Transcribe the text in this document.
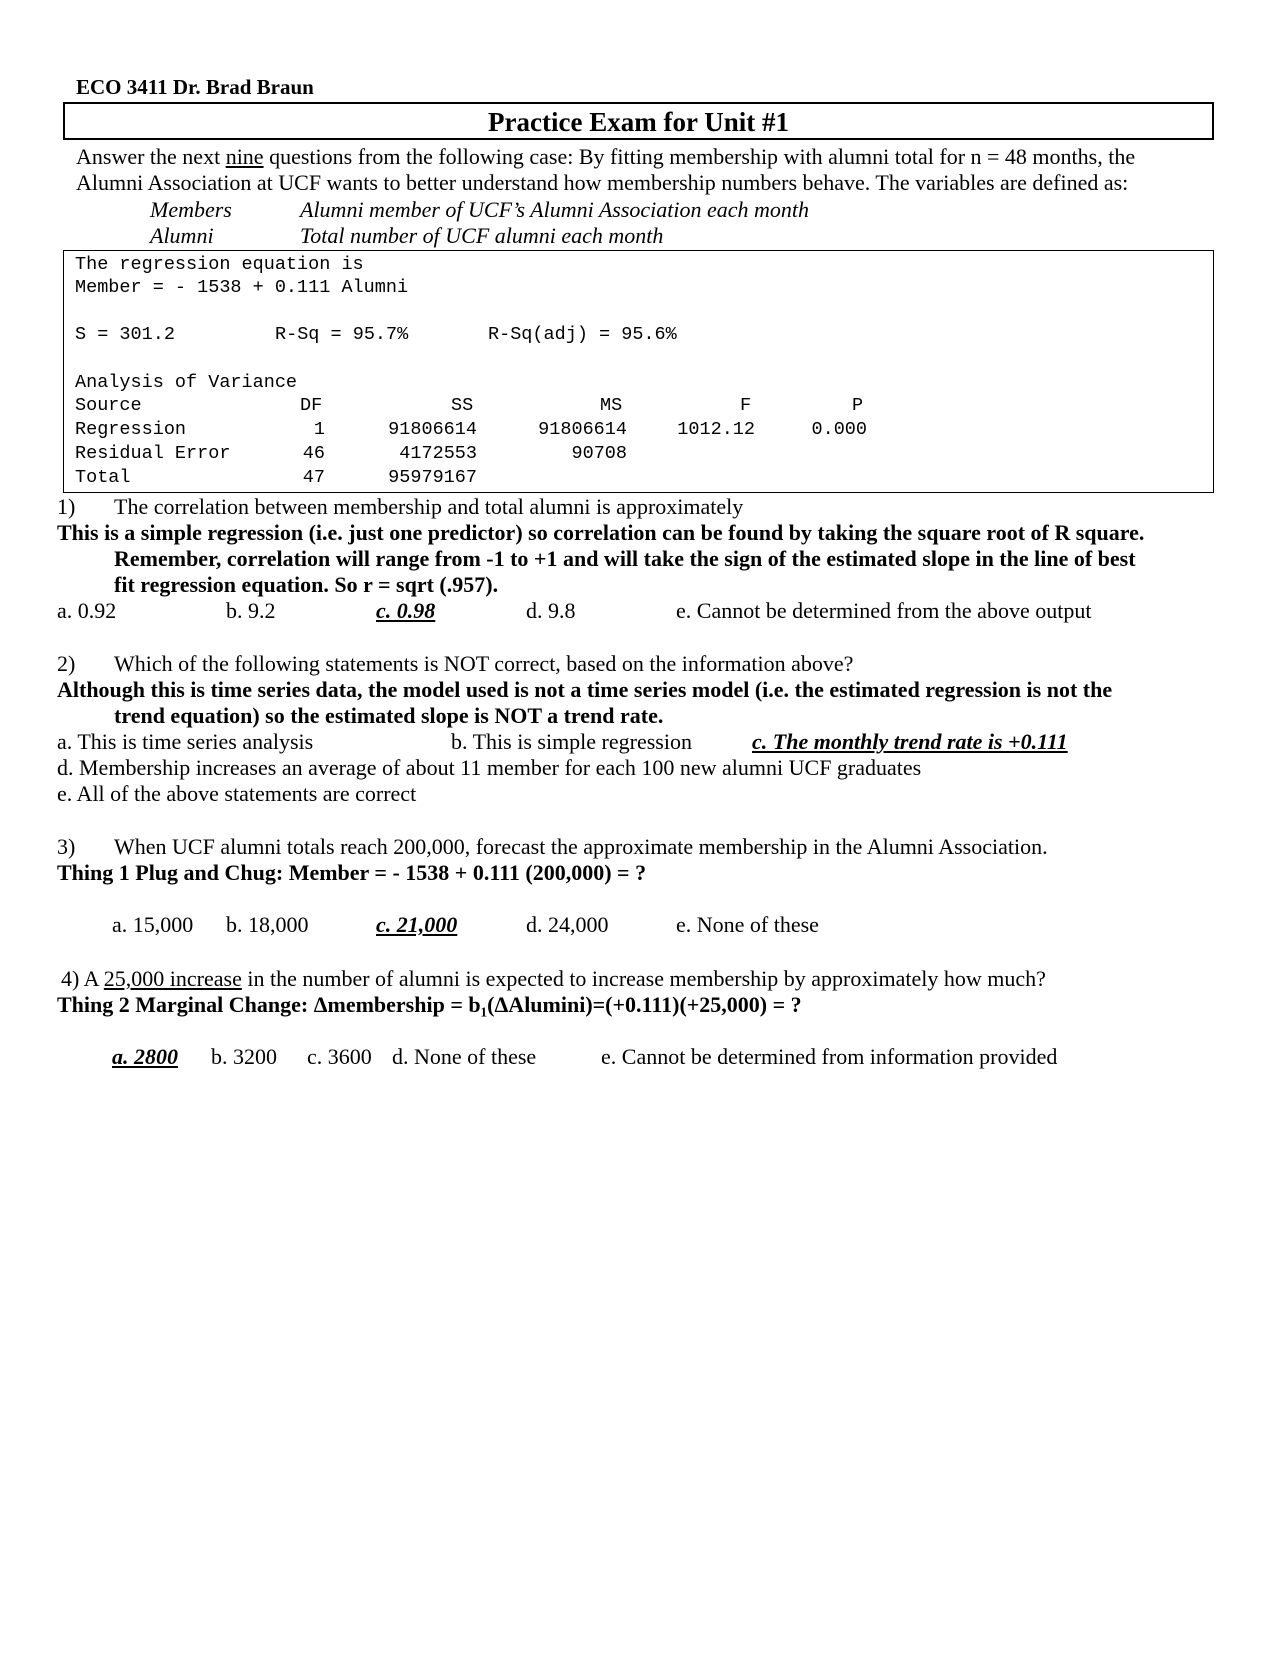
ECO 3411 Dr. Brad Braun
Practice Exam for Unit #1
Answer the next nine questions from the following case: By fitting membership with alumni total for n = 48 months, the
Alumni Association at UCF wants to better understand how membership numbers behave. The variables are defined as:
Members	Alumni member of UCF’s Alumni Association each month
Alumni	Total number of UCF alumni each month
The regression equation is
Member = - 1538 + 0.111 Alumni
S = 301.2	R-Sq = 95.7%	R-Sq(adj) = 95.6%
Analysis of Variance
Source	DF	SS	MS	F	P
Regression	1	91806614	91806614	1012.12	0.000
Residual Error	46	4172553	90708
Total	47	95979167
1) The correlation between membership and total alumni is approximately
This is a simple regression (i.e. just one predictor) so correlation can be found by taking the square root of R square.
Remember, correlation will range from -1 to +1 and will take the sign of the estimated slope in the line of best
fit regression equation. So r = sqrt (.957).
a. 0.92	b. 9.2	c. 0.98	d. 9.8	e. Cannot be determined from the above output
2) Which of the following statements is NOT correct, based on the information above?
Although this is time series data, the model used is not a time series model (i.e. the estimated regression is not the
trend equation) so the estimated slope is NOT a trend rate.
a. This is time series analysis	b. This is simple regression	c. The monthly trend rate is +0.111
d. Membership increases an average of about 11 member for each 100 new alumni UCF graduates
e. All of the above statements are correct
3) When UCF alumni totals reach 200,000, forecast the approximate membership in the Alumni Association.
Thing 1 Plug and Chug: Member = - 1538 + 0.111 (200,000) = ?
a. 15,000 b. 18,000	c. 21,000	d. 24,000	e. None of these
4) A 25,000 increase in the number of alumni is expected to increase membership by approximately how much?
Thing 2 Marginal Change: Δmembership = b₁(ΔAlumini)=(+0.111)(+25,000) = ?
a. 2800 b. 3200 c. 3600 d. None of these	e. Cannot be determined from information provided
